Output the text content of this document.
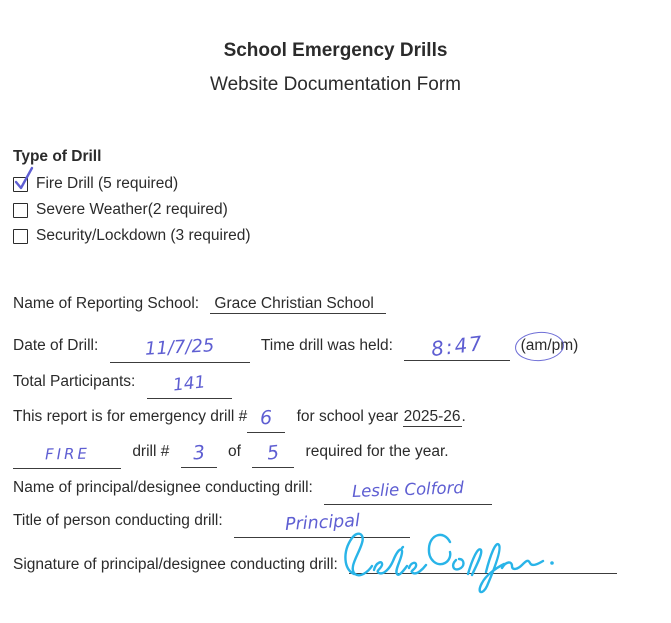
School Emergency Drills
Website Documentation Form
Type of Drill
Fire Drill (5 required)
Severe Weather(2 required)
Security/Lockdown (3 required)
Name of Reporting School: Grace Christian School
Date of Drill:	11/7/25	Time drill was held: 8:47 (am/pm)
Total Participants: 141
This report is for emergency drill # 6 for school year 2025-26.
FIRE	drill # 3 of 5 required for the year.
Name of principal/designee conducting drill: Leslie Colford
Title of person conducting drill:	Principal
Signature of principal/designee conducting drill:
